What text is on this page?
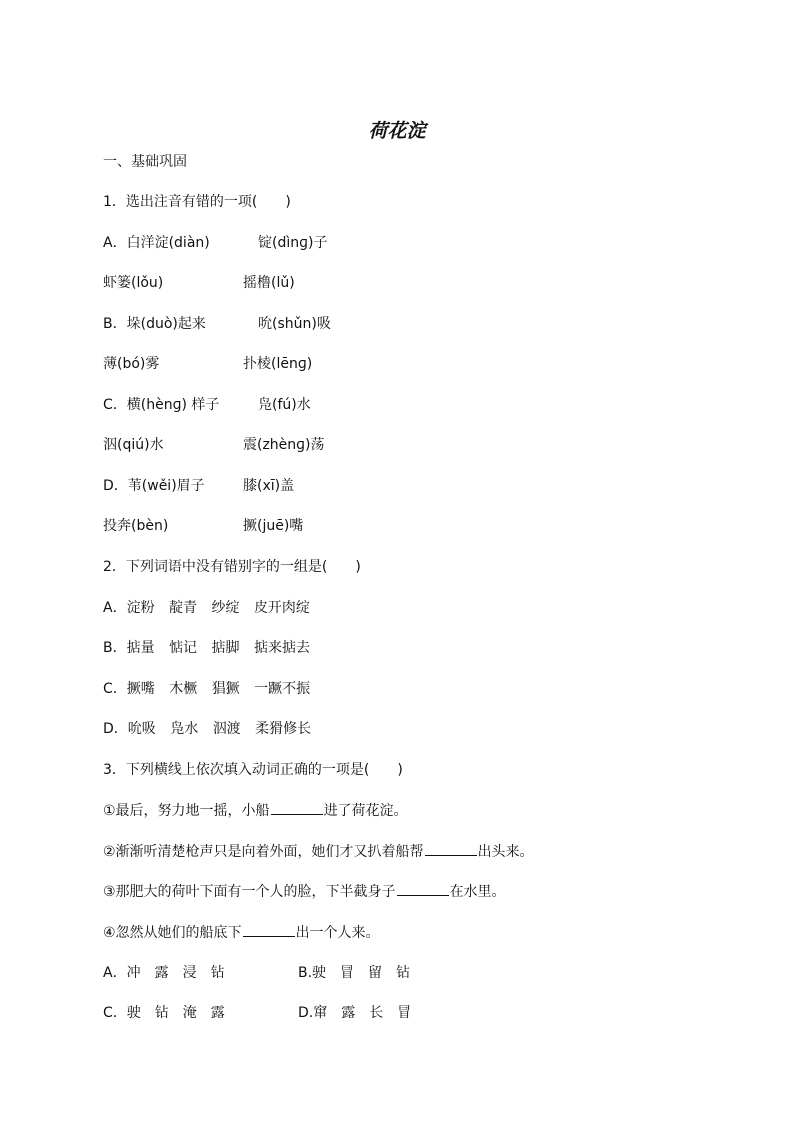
荷花淀
一、基础巩固
1．选出注音有错的一项(　　)
A．白洋淀(diàn)	锭(dìnɡ)子
虾篓(lǒu)	摇橹(lǔ)
B．垛(duò)起来	吮(shǔn)吸
薄(bó)雾	扑棱(lēnɡ)
C．横(hènɡ) 样子	凫(fú)水
泅(qiú)水	震(zhènɡ)荡
D．苇(wěi)眉子	膝(xī)盖
投奔(bèn)	撅(juē)嘴
2．下列词语中没有错别字的一组是(　　)
A．淀粉 靛青 纱绽 皮开肉绽
B．掂量 惦记 掂脚 掂来掂去
C．撅嘴 木橛 猖獗 一蹶不振
D．吮吸 凫水 泅渡 柔猾修长
3．下列横线上依次填入动词正确的一项是(　　)
①最后，努力地一摇，小船	进了荷花淀。
②渐渐听清楚枪声只是向着外面，她们才又扒着船帮	出头来。
③那肥大的荷叶下面有一个人的脸，下半截身子	在水里。
④忽然从她们的船底下	出一个人来。
A．冲　露　浸　钻	B.驶　冒　留　钻
C．驶　钻　淹　露	D.窜　露　长　冒
